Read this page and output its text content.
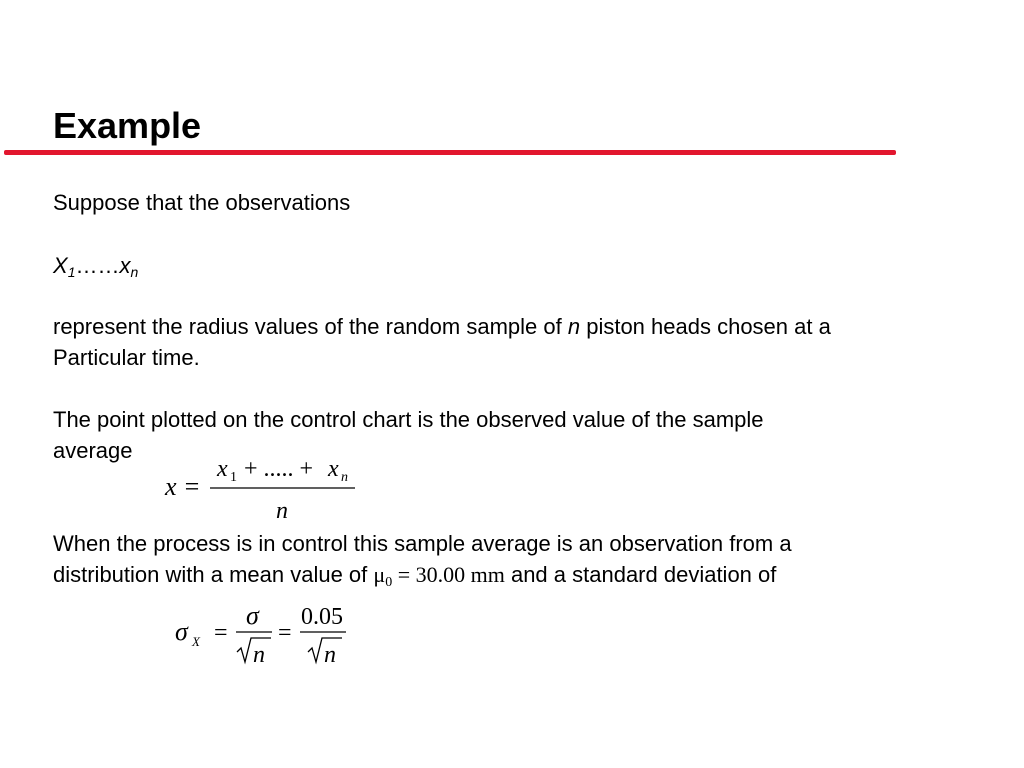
Example

Suppose that the observations

$X_1\dots\dots x_n$

represent the radius values of the random sample of n piston heads chosen at a

Particular time.

The point plotted on the control chart is the observed value of the sample

average

x =
x 1 + ..... + x n
n

When the process is in control this sample average is an observation from a

distribution with a mean value of $\mu_0 = 30.00$ mm and a standard deviation of

σ X =
σ
n
=
0.05
n
